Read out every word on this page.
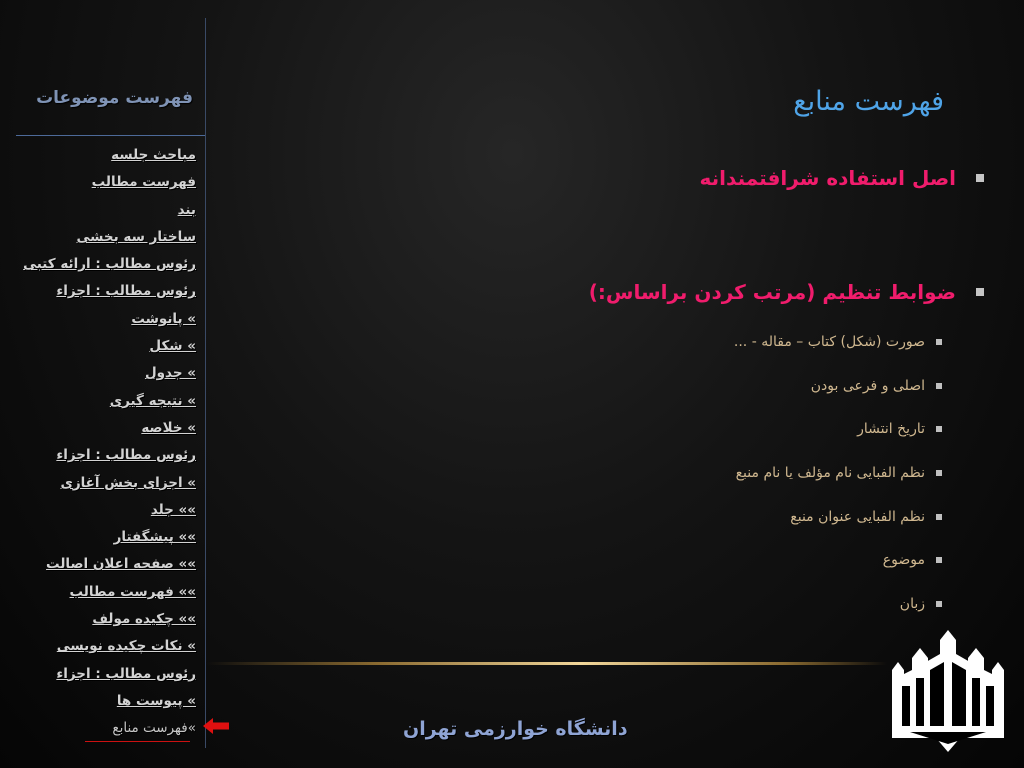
فهرست موضوعات
مباحث جلسه
فهرست مطالب
بند
ساختار سه بخشی
رئوس مطالب : ارائه کتبی
رئوس مطالب : اجزاء
» پانوشت
» شکل
» جدول
» نتیجه گیری
» خلاصه
رئوس مطالب : اجزاء
» اجزای بخش آغازی
»» جلد
»» پیشگفتار
»» صفحه اعلان اصالت
»» فهرست مطالب
»» چکیده مولف
» نکات چکیده نویسی
رئوس مطالب : اجزاء
» پیوست ها
»فهرست منابع
فهرست منابع
اصل استفاده شرافتمندانه
ضوابط تنظیم (مرتب کردن براساس:)
صورت (شکل) کتاب – مقاله - ...
اصلی و فرعی بودن
تاریخ انتشار
نظم الفبایی نام مؤلف یا نام منبع
نظم الفبایی عنوان منبع
موضوع
زبان
دانشگاه خوارزمی تهران
